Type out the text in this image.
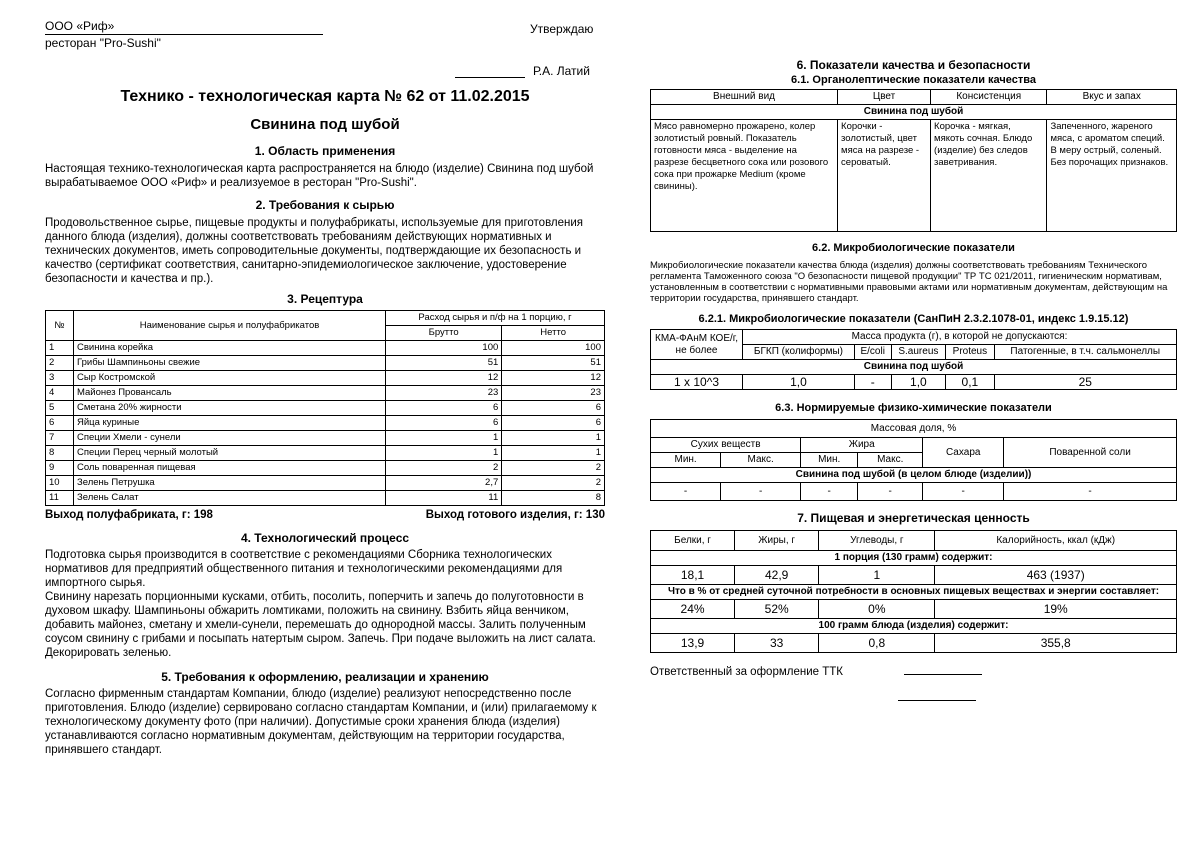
Утверждаю
Р.А. Латий
ООО «Риф»
ресторан "Pro-Sushi"
Технико - технологическая карта № 62 от 11.02.2015
Свинина под шубой
1. Область применения

Настоящая технико-технологическая карта распространяется на блюдо (изделие) Свинина под шубой вырабатываемое ООО «Риф» и реализуемое в ресторан "Pro-Sushi".

2. Требования к сырью

Продовольственное сырье, пищевые продукты и полуфабрикаты, используемые для приготовления данного блюда (изделия), должны соответствовать требованиям действующих нормативных и технических документов, иметь сопроводительные документы, подтверждающие их безопасность и качество (сертификат соответствия, санитарно-эпидемиологическое заключение, удостоверение безопасности и качества и пр.).

3. Рецептура
№	Наименование сырья и полуфабрикатов	Расход сырья и п/ф на 1 порцию, г	
		Брутто	Нетто
1	Свинина корейка	100	100
2	Грибы Шампиньоны свежие	51	51
3	Сыр Костромской	12	12
4	Майонез Провансаль	23	23
5	Сметана 20% жирности	6	6
6	Яйца куриные	6	6
7	Специи Хмели - сунели	1	1
8	Специи Перец черный молотый	1	1
9	Соль поваренная пищевая	2	2
10	Зелень Петрушка	2,7	2
11	Зелень Салат	11	8
Выход полуфабриката, г: 198	Выход готового изделия, г: 130
4. Технологический процесс

Подготовка сырья производится в соответствие с рекомендациями Сборника технологических нормативов для предприятий общественного питания и технологическими рекомендациями для импортного сырья.

Свинину нарезать порционными кусками, отбить, посолить, поперчить и запечь до полуготовности в духовом шкафу. Шампиньоны обжарить ломтиками, положить на свинину. Взбить яйца венчиком, добавить майонез, сметану и хмели-сунели, перемешать до однородной массы. Залить полученным соусом свинину с грибами и посыпать натертым сыром. Запечь. При подаче выложить на лист салата. Декорировать зеленью.

5. Требования к оформлению, реализации и хранению

Согласно фирменным стандартам Компании, блюдо (изделие) реализуют непосредственно после приготовления. Блюдо (изделие) сервировано согласно стандартам Компании, и (или) прилагаемому к технологическому документу фото (при наличии). Допустимые сроки хранения блюда (изделия) устанавливаются согласно нормативным документам, действующим на территории государства, принявшего стандарт.

6. Показатели качества и безопасности
6.1. Органолептические показатели качества
Внешний вид	Цвет	Консистенция	Вкус и запах
Свинина под шубой			
Мясо равномерно прожарено, колер золотистый ровный. Показатель готовности мяса - выделение на разрезе бесцветного сока или розового сока при прожарке Medium (кроме свинины).	Корочки - золотистый, цвет мяса на разрезе - сероватый.	Корочка - мягкая, мякоть сочная. Блюдо (изделие) без следов заветривания.	Запеченного, жареного мяса, с ароматом специй. В меру острый, соленый. Без порочащих признаков.
6.2. Микробиологические показатели

Микробиологические показатели качества блюда (изделия) должны соответствовать требованиям Технического регламента Таможенного союза "О безопасности пищевой продукции" ТР ТС 021/2011, гигиеническим нормативам, установленным в соответствии с нормативными правовыми актами или нормативным документам, действующим на территории государства, принявшего стандарт.

6.2.1. Микробиологические показатели (СанПиН 2.3.2.1078-01, индекс 1.9.15.12)
КМА-ФАнМ КОЕ/г, не более	Масса продукта (г), в которой не допускаются:				
	БГКП (колиформы)	E/coli	S.aureus	Proteus	Патогенные, в т.ч. сальмонеллы
Свинина под шубой					
1 x 10^3	1,0	-	1,0	0,1	25
6.3. Нормируемые физико-химические показатели
Массовая доля, %					
Сухих веществ		Жира		Сахара	Поваренной соли
Мин.	Макс.	Мин.	Макс.		
Свинина под шубой (в целом блюде (изделии))					
-	-	-	-	-	-
7. Пищевая и энергетическая ценность
Белки, г	Жиры, г	Углеводы, г	Калорийность, ккал (кДж)
1 порция (130 грамм) содержит:			
18,1	42,9	1	463 (1937)
Что в % от средней суточной потребности в основных пищевых веществах и энергии составляет:			
24%	52%	0%	19%
100 грамм блюда (изделия) содержит:			
13,9	33	0,8	355,8
Ответственный за оформление ТТК
